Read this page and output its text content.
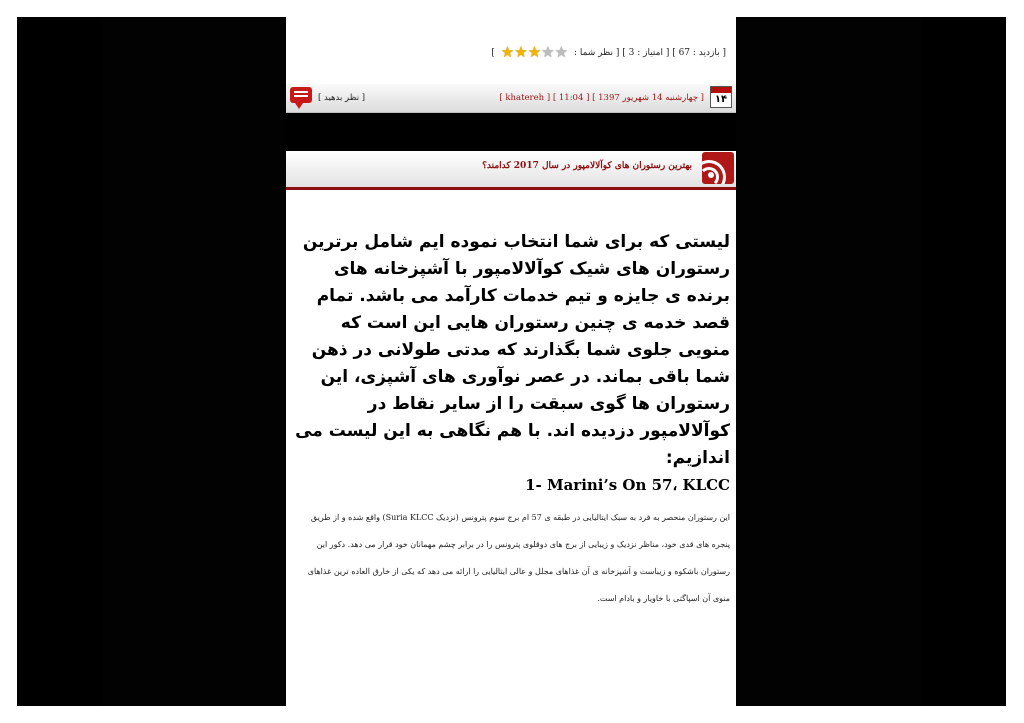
[ بازدید : 67 ] [ امتیاز : 3 ] [ نظر شما : ★★★★★ ]
۱۴
[ چهارشنبه 14 شهریور 1397 ] [ 11:04 ] [ khatereh ]
[ نظر بدهید ]
بهترین رستوران های کوآلالامپور در سال 2017 کدامند؟

لیستی که برای شما انتخاب نموده ایم شامل برترین رستوران های شیک کوآلالامپور با آشپزخانه های برنده ی جایزه و تیم خدمات کارآمد می باشد. تمام قصد خدمه ی چنین رستوران هایی این است که منویی جلوی شما بگذارند که مدتی طولانی در ذهن شما باقی بماند. در عصر نوآوری های آشپزی، این رستوران ها گوی سبقت را از سایر نقاط در کوآلالامپور دزدیده اند. با هم نگاهی به این لیست می اندازیم:

1- Marini’s On 57، KLCC

این رستوران منحصر به فرد به سبک ایتالیایی در طبقه ی 57 ام برج سوم پترونس (نزدیک Suria KLCC) واقع شده و از طریق پنجره های قدی خود، مناظر نزدیک و زیبایی از برج های دوقلوی پترونس را در برابر چشم مهمانان خود قرار می دهد. دکور این رستوران باشکوه و زیباست و آشپزخانه ی آن غذاهای مجلل و عالی ایتالیایی را ارائه می دهد که یکی از خارق العاده ترین غذاهای منوی آن اسپاگتی با خاویار و بادام است.
